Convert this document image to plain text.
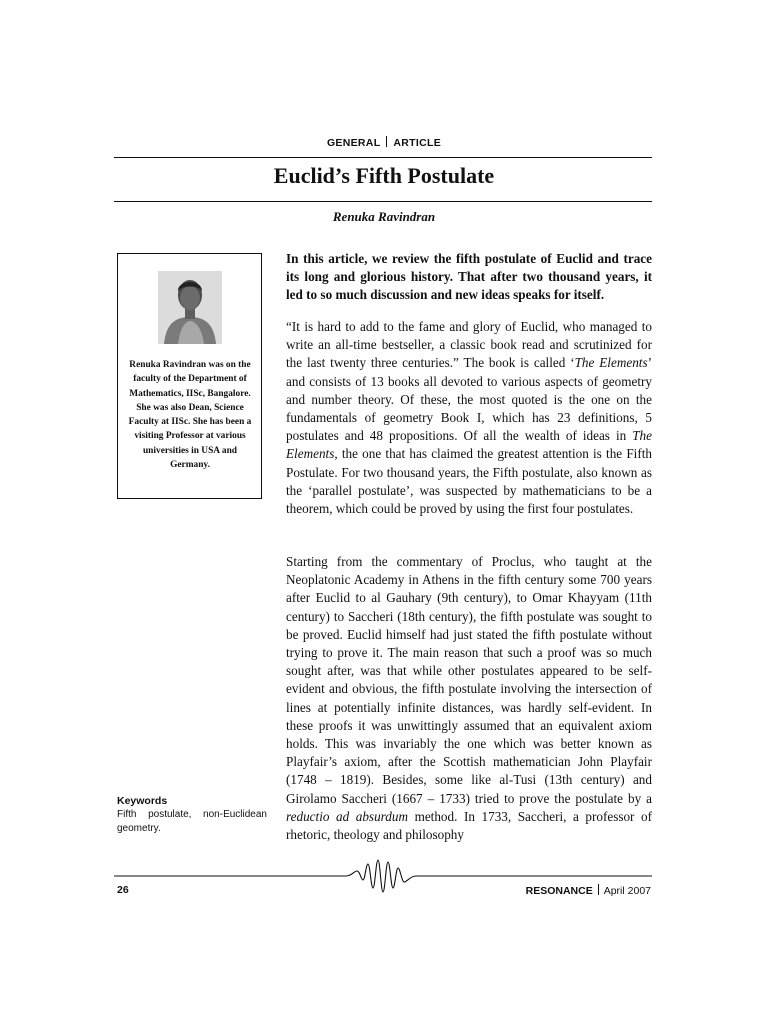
GENERAL ARTICLE
Euclid’s Fifth Postulate
Renuka Ravindran
Renuka Ravindran was on the faculty of the Department of Mathematics, IISc, Bangalore. She was also Dean, Science Faculty at IISc. She has been a visiting Professor at various universities in USA and Germany.
In this article, we review the fifth postulate of Euclid and trace its long and glorious history. That after two thousand years, it led to so much discussion and new ideas speaks for itself.

“It is hard to add to the fame and glory of Euclid, who managed to write an all-time bestseller, a classic book read and scrutinized for the last twenty three centuries.” The book is called ‘The Elements’ and consists of 13 books all devoted to various aspects of geometry and number theory. Of these, the most quoted is the one on the fundamentals of geometry Book I, which has 23 definitions, 5 postulates and 48 propositions. Of all the wealth of ideas in The Elements, the one that has claimed the greatest attention is the Fifth Postulate. For two thousand years, the Fifth postulate, also known as the ‘parallel postulate’, was suspected by mathematicians to be a theorem, which could be proved by using the first four postulates.

Starting from the commentary of Proclus, who taught at the Neoplatonic Academy in Athens in the fifth century some 700 years after Euclid to al Gauhary (9th century), to Omar Khayyam (11th century) to Saccheri (18th century), the fifth postulate was sought to be proved. Euclid himself had just stated the fifth postulate without trying to prove it. The main reason that such a proof was so much sought after, was that while other postulates appeared to be self-evident and obvious, the fifth postulate involving the intersection of lines at potentially infinite distances, was hardly self-evident. In these proofs it was unwittingly assumed that an equivalent axiom holds. This was invariably the one which was better known as Playfair’s axiom, after the Scottish mathematician John Playfair (1748 – 1819). Besides, some like al-Tusi (13th century) and Girolamo Saccheri (1667 – 1733) tried to prove the postulate by a reductio ad absurdum method. In 1733, Saccheri, a professor of rhetoric, theology and philosophy

Keywords
Fifth postulate, non-Euclidean geometry.
26	RESONANCE April 2007
